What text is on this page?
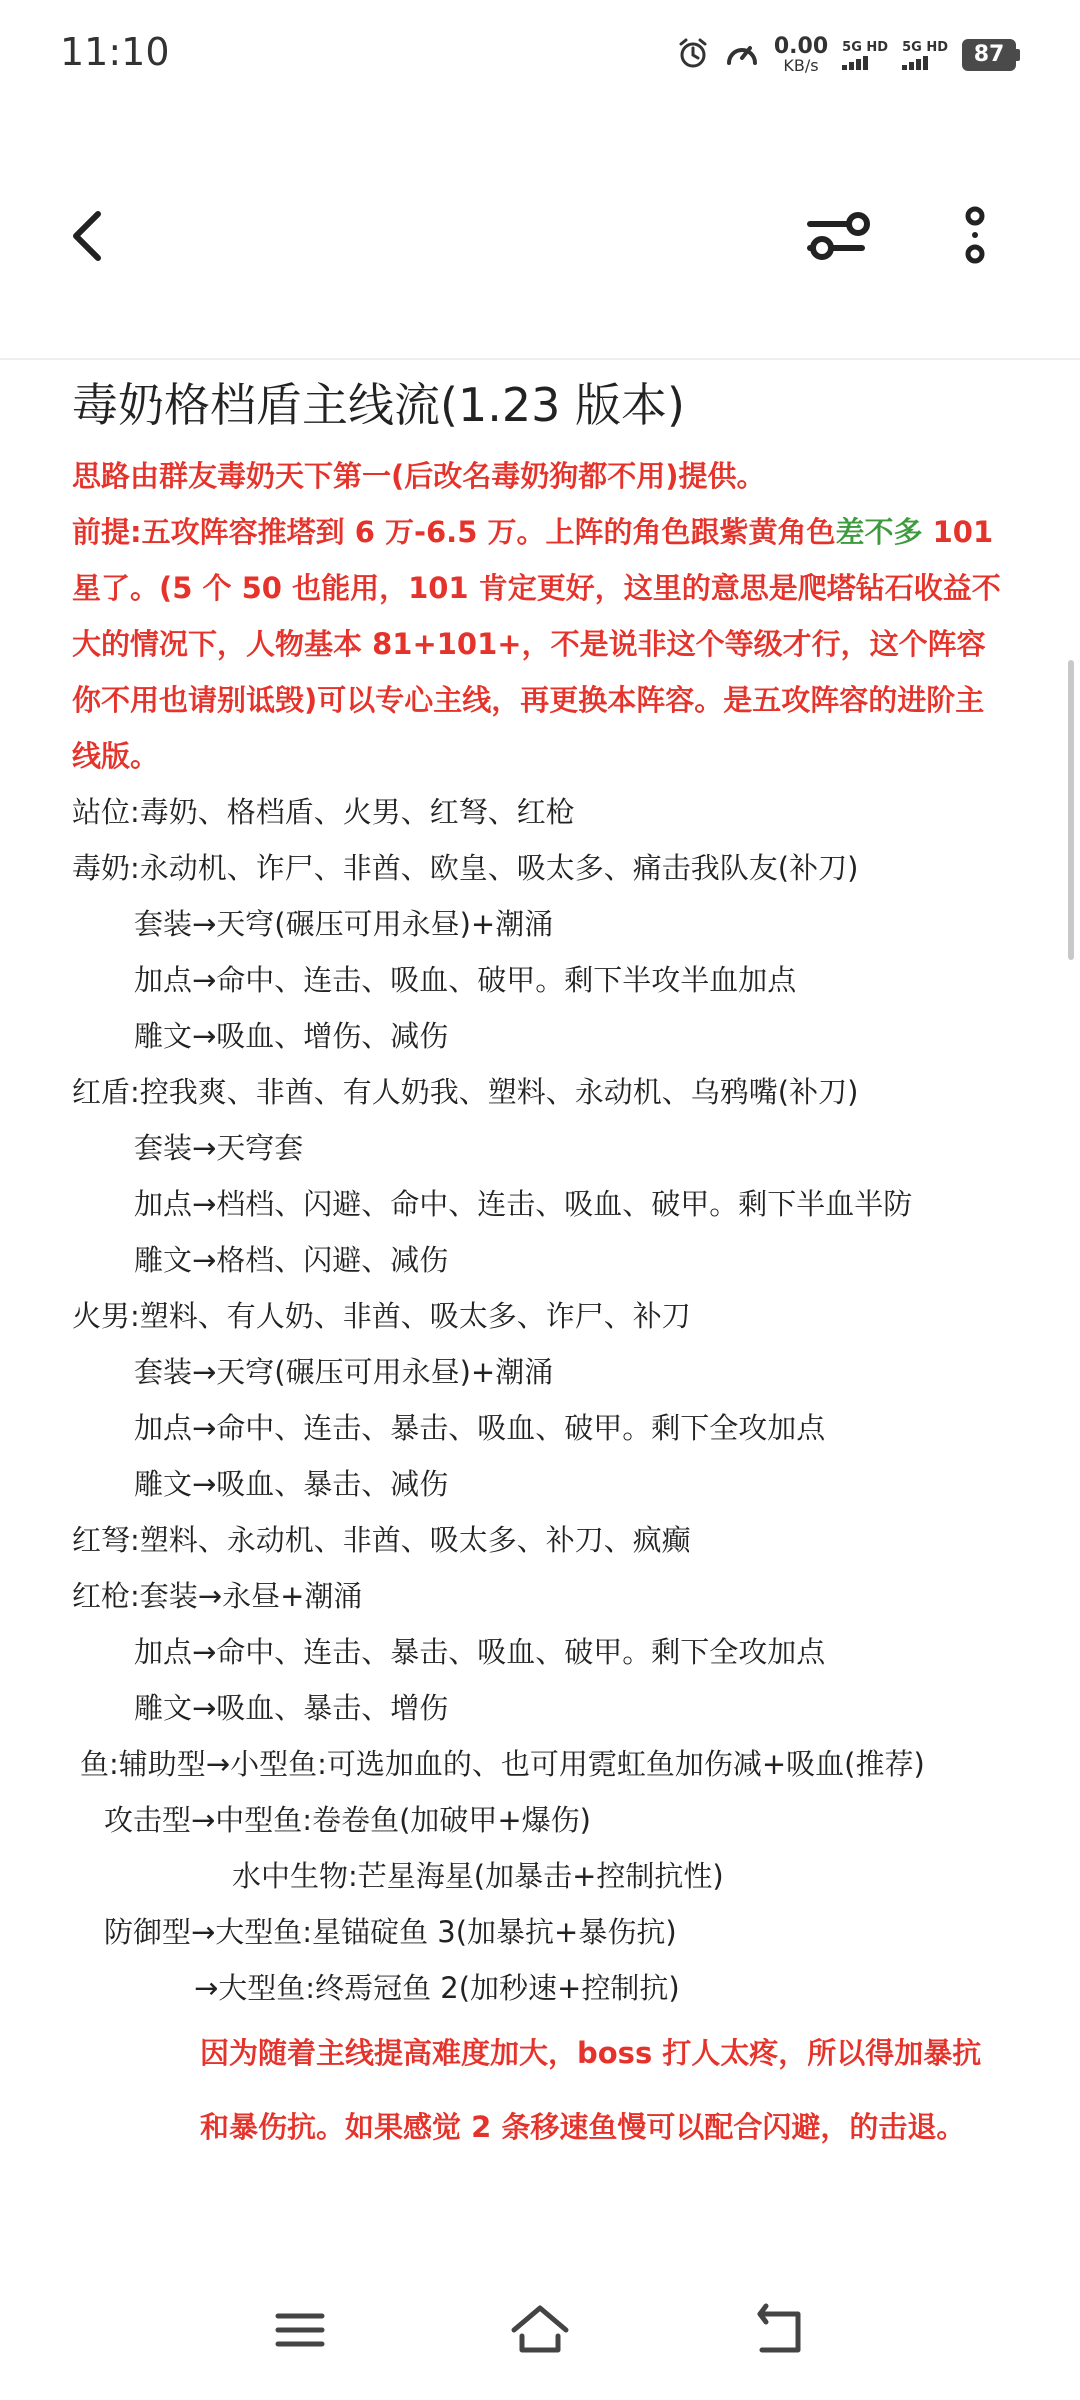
11:10	0.00
KB/s
5G HD 5G HD	87
毒奶格档盾主线流(1.23 版本)

思路由群友毒奶天下第一(后改名毒奶狗都不用)提供。

前提:五攻阵容推塔到 6 万-6.5 万。上阵的角色跟紫黄角色差不多 101 星了。(5 个 50 也能用，101 肯定更好，这里的意思是爬塔钻石收益不大的情况下，人物基本 81+101+，不是说非这个等级才行，这个阵容你不用也请别诋毁)可以专心主线，再更换本阵容。是五攻阵容的进阶主线版。

站位:毒奶、格档盾、火男、红弩、红枪
毒奶:永动机、诈尸、非酋、欧皇、吸太多、痛击我队友(补刀)
套装→天穹(碾压可用永昼)+潮涌
加点→命中、连击、吸血、破甲。剩下半攻半血加点
雕文→吸血、增伤、减伤
红盾:控我爽、非酋、有人奶我、塑料、永动机、乌鸦嘴(补刀)
套装→天穹套
加点→档档、闪避、命中、连击、吸血、破甲。剩下半血半防
雕文→格档、闪避、减伤
火男:塑料、有人奶、非酋、吸太多、诈尸、补刀
套装→天穹(碾压可用永昼)+潮涌
加点→命中、连击、暴击、吸血、破甲。剩下全攻加点
雕文→吸血、暴击、减伤
红弩:塑料、永动机、非酋、吸太多、补刀、疯癫
红枪:套装→永昼+潮涌
加点→命中、连击、暴击、吸血、破甲。剩下全攻加点
雕文→吸血、暴击、增伤
鱼:辅助型→小型鱼:可选加血的、也可用霓虹鱼加伤减+吸血(推荐)
攻击型→中型鱼:卷卷鱼(加破甲+爆伤)
水中生物:芒星海星(加暴击+控制抗性)
防御型→大型鱼:星锚碇鱼 3(加暴抗+暴伤抗)
→大型鱼:终焉冠鱼 2(加秒速+控制抗)
因为随着主线提高难度加大，boss 打人太疼，所以得加暴抗
和暴伤抗。如果感觉 2 条移速鱼慢可以配合闪避，的击退。
